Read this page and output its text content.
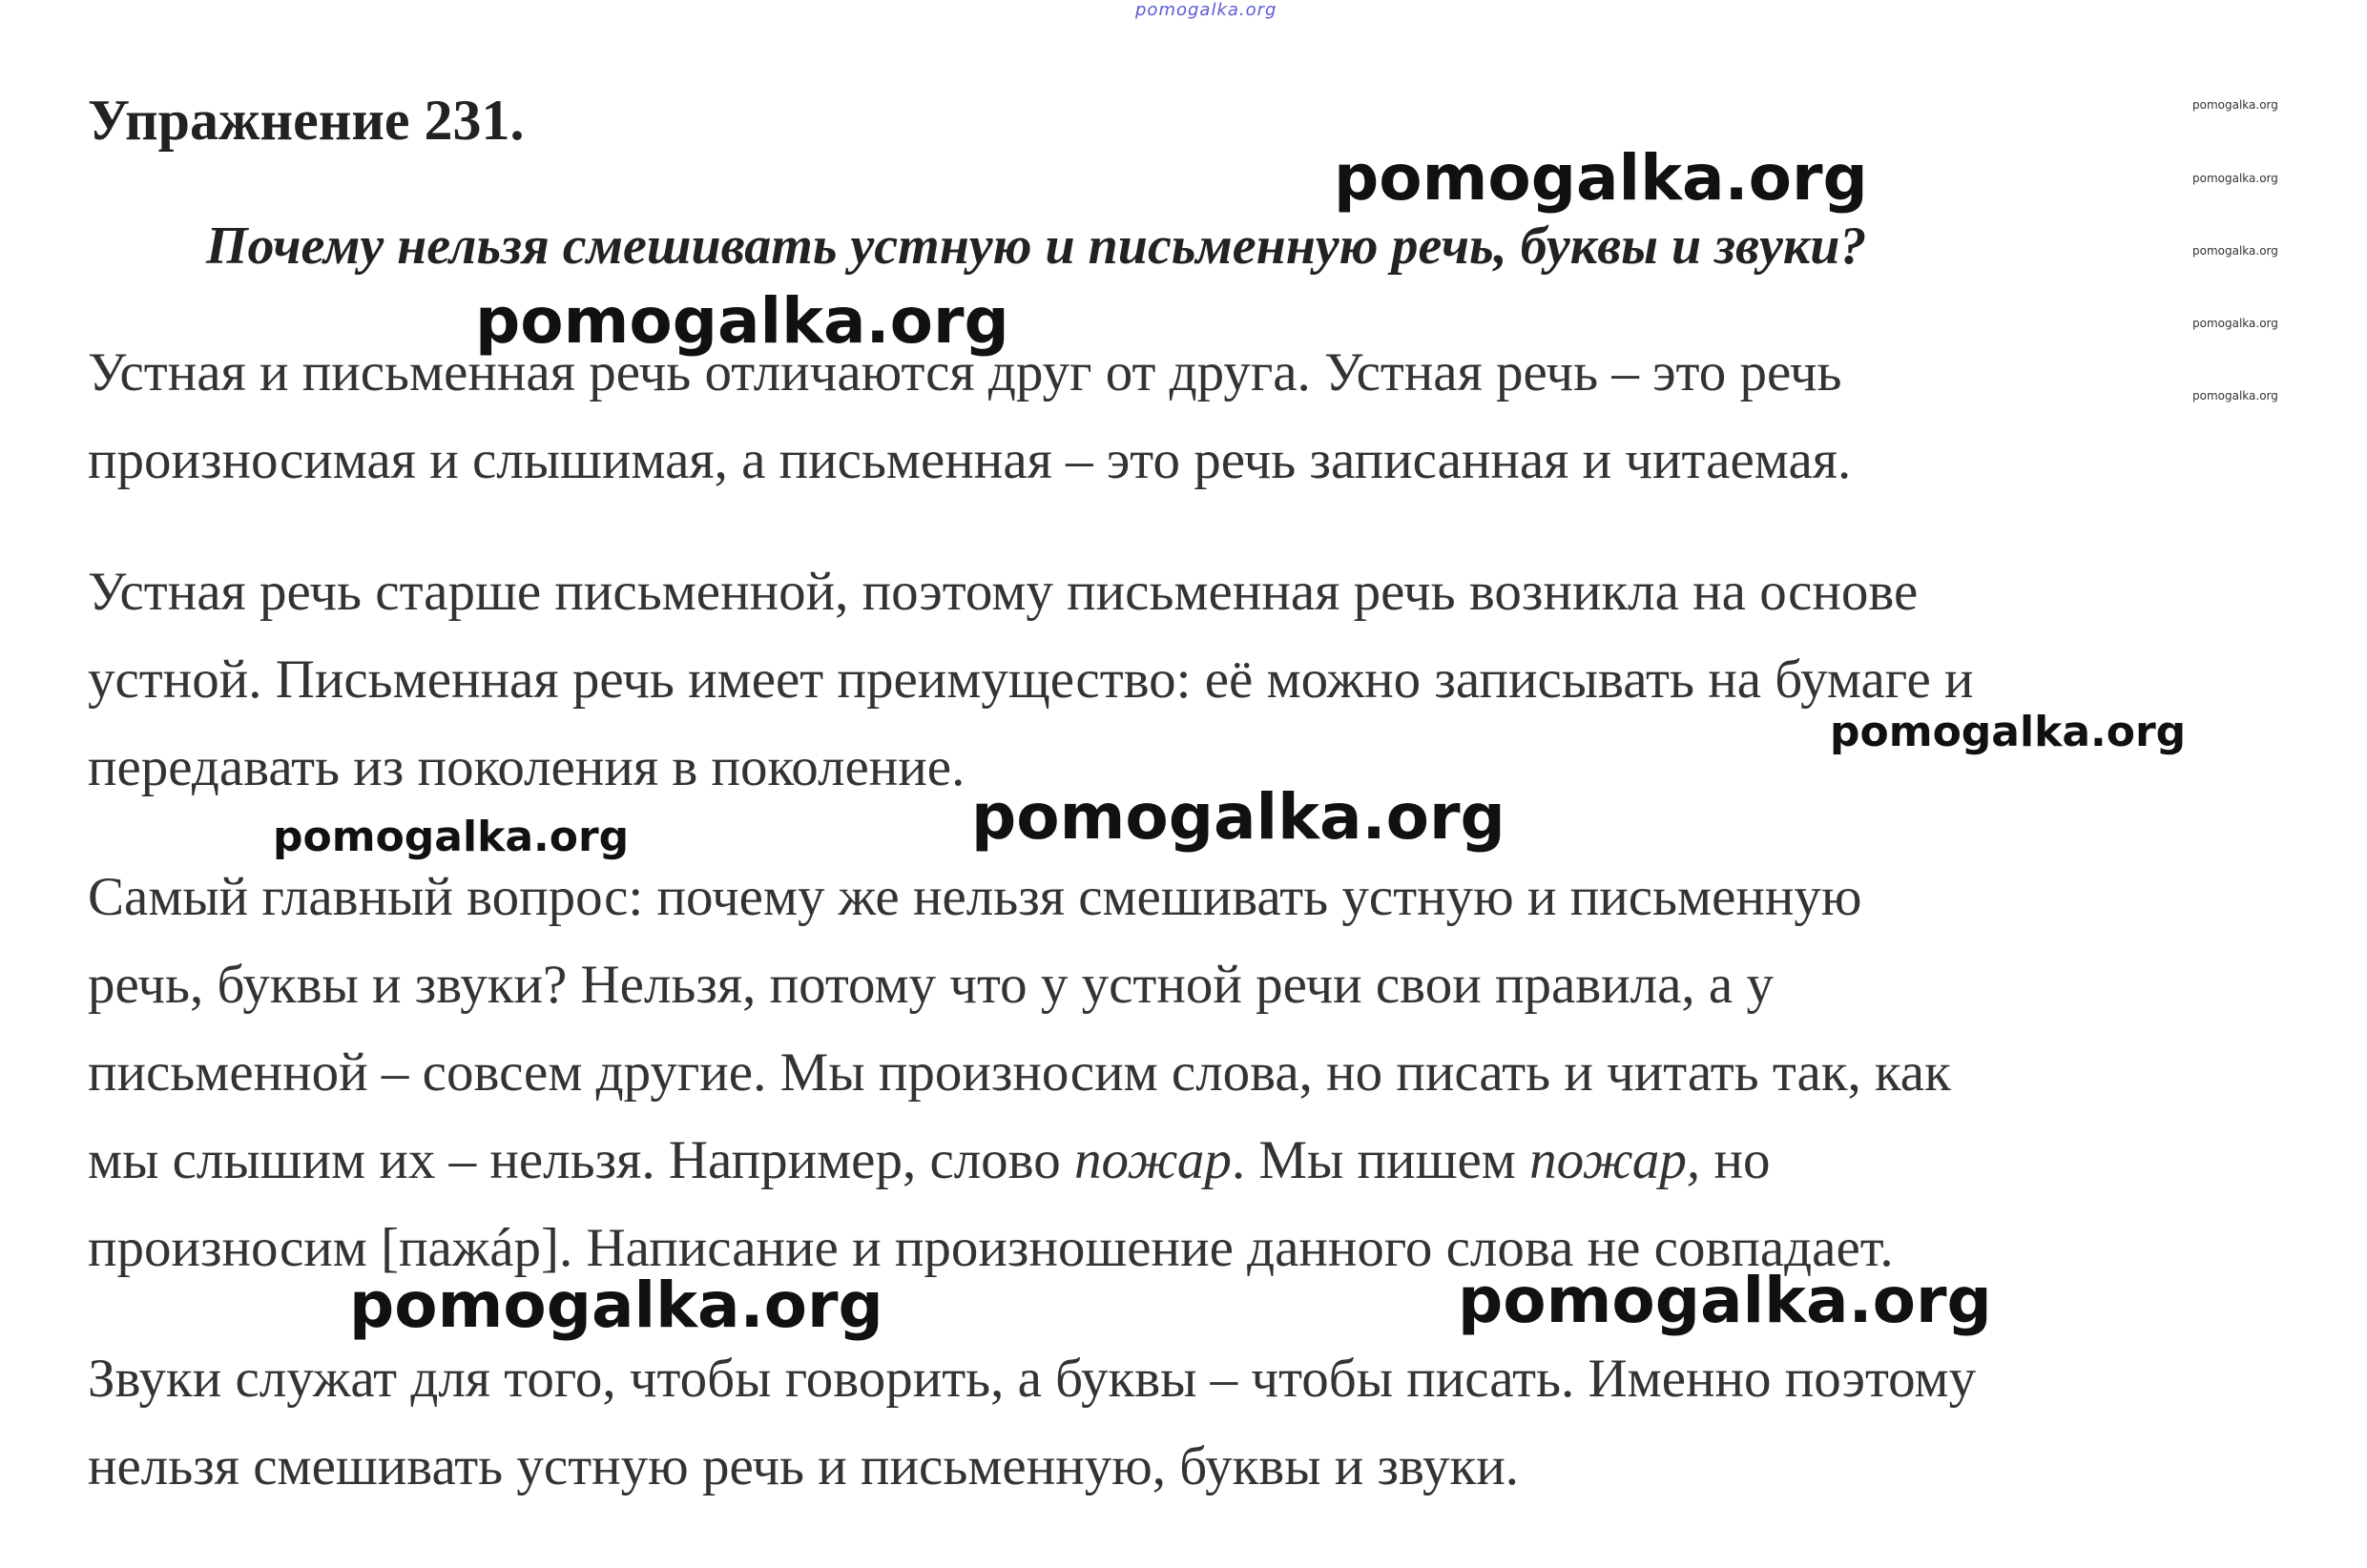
pomogalka.org
Упражнение 231.
Почему нельзя смешивать устную и письменную речь, буквы и звуки?

Устная и письменная речь отличаются друг от друга. Устная речь – это речь
произносимая и слышимая, а письменная – это речь записанная и читаемая.

Устная речь старше письменной, поэтому письменная речь возникла на основе
устной. Письменная речь имеет преимущество: её можно записывать на бумаге и
передавать из поколения в поколение.

Самый главный вопрос: почему же нельзя смешивать устную и письменную
речь, буквы и звуки? Нельзя, потому что у устной речи свои правила, а у
письменной – совсем другие. Мы произносим слова, но писать и читать так, как
мы слышим их – нельзя. Например, слово пожар. Мы пишем пожар, но
произносим [пажáр]. Написание и произношение данного слова не совпадает.

Звуки служат для того, чтобы говорить, а буквы – чтобы писать. Именно поэтому
нельзя смешивать устную речь и письменную, буквы и звуки.

pomogalka.org
pomogalka.org
pomogalka.org
pomogalka.org	pomogalka.org
pomogalka.org
pomogalka.org
pomogalka.org
pomogalka.org
pomogalka.org
pomogalka.org
pomogalka.org
